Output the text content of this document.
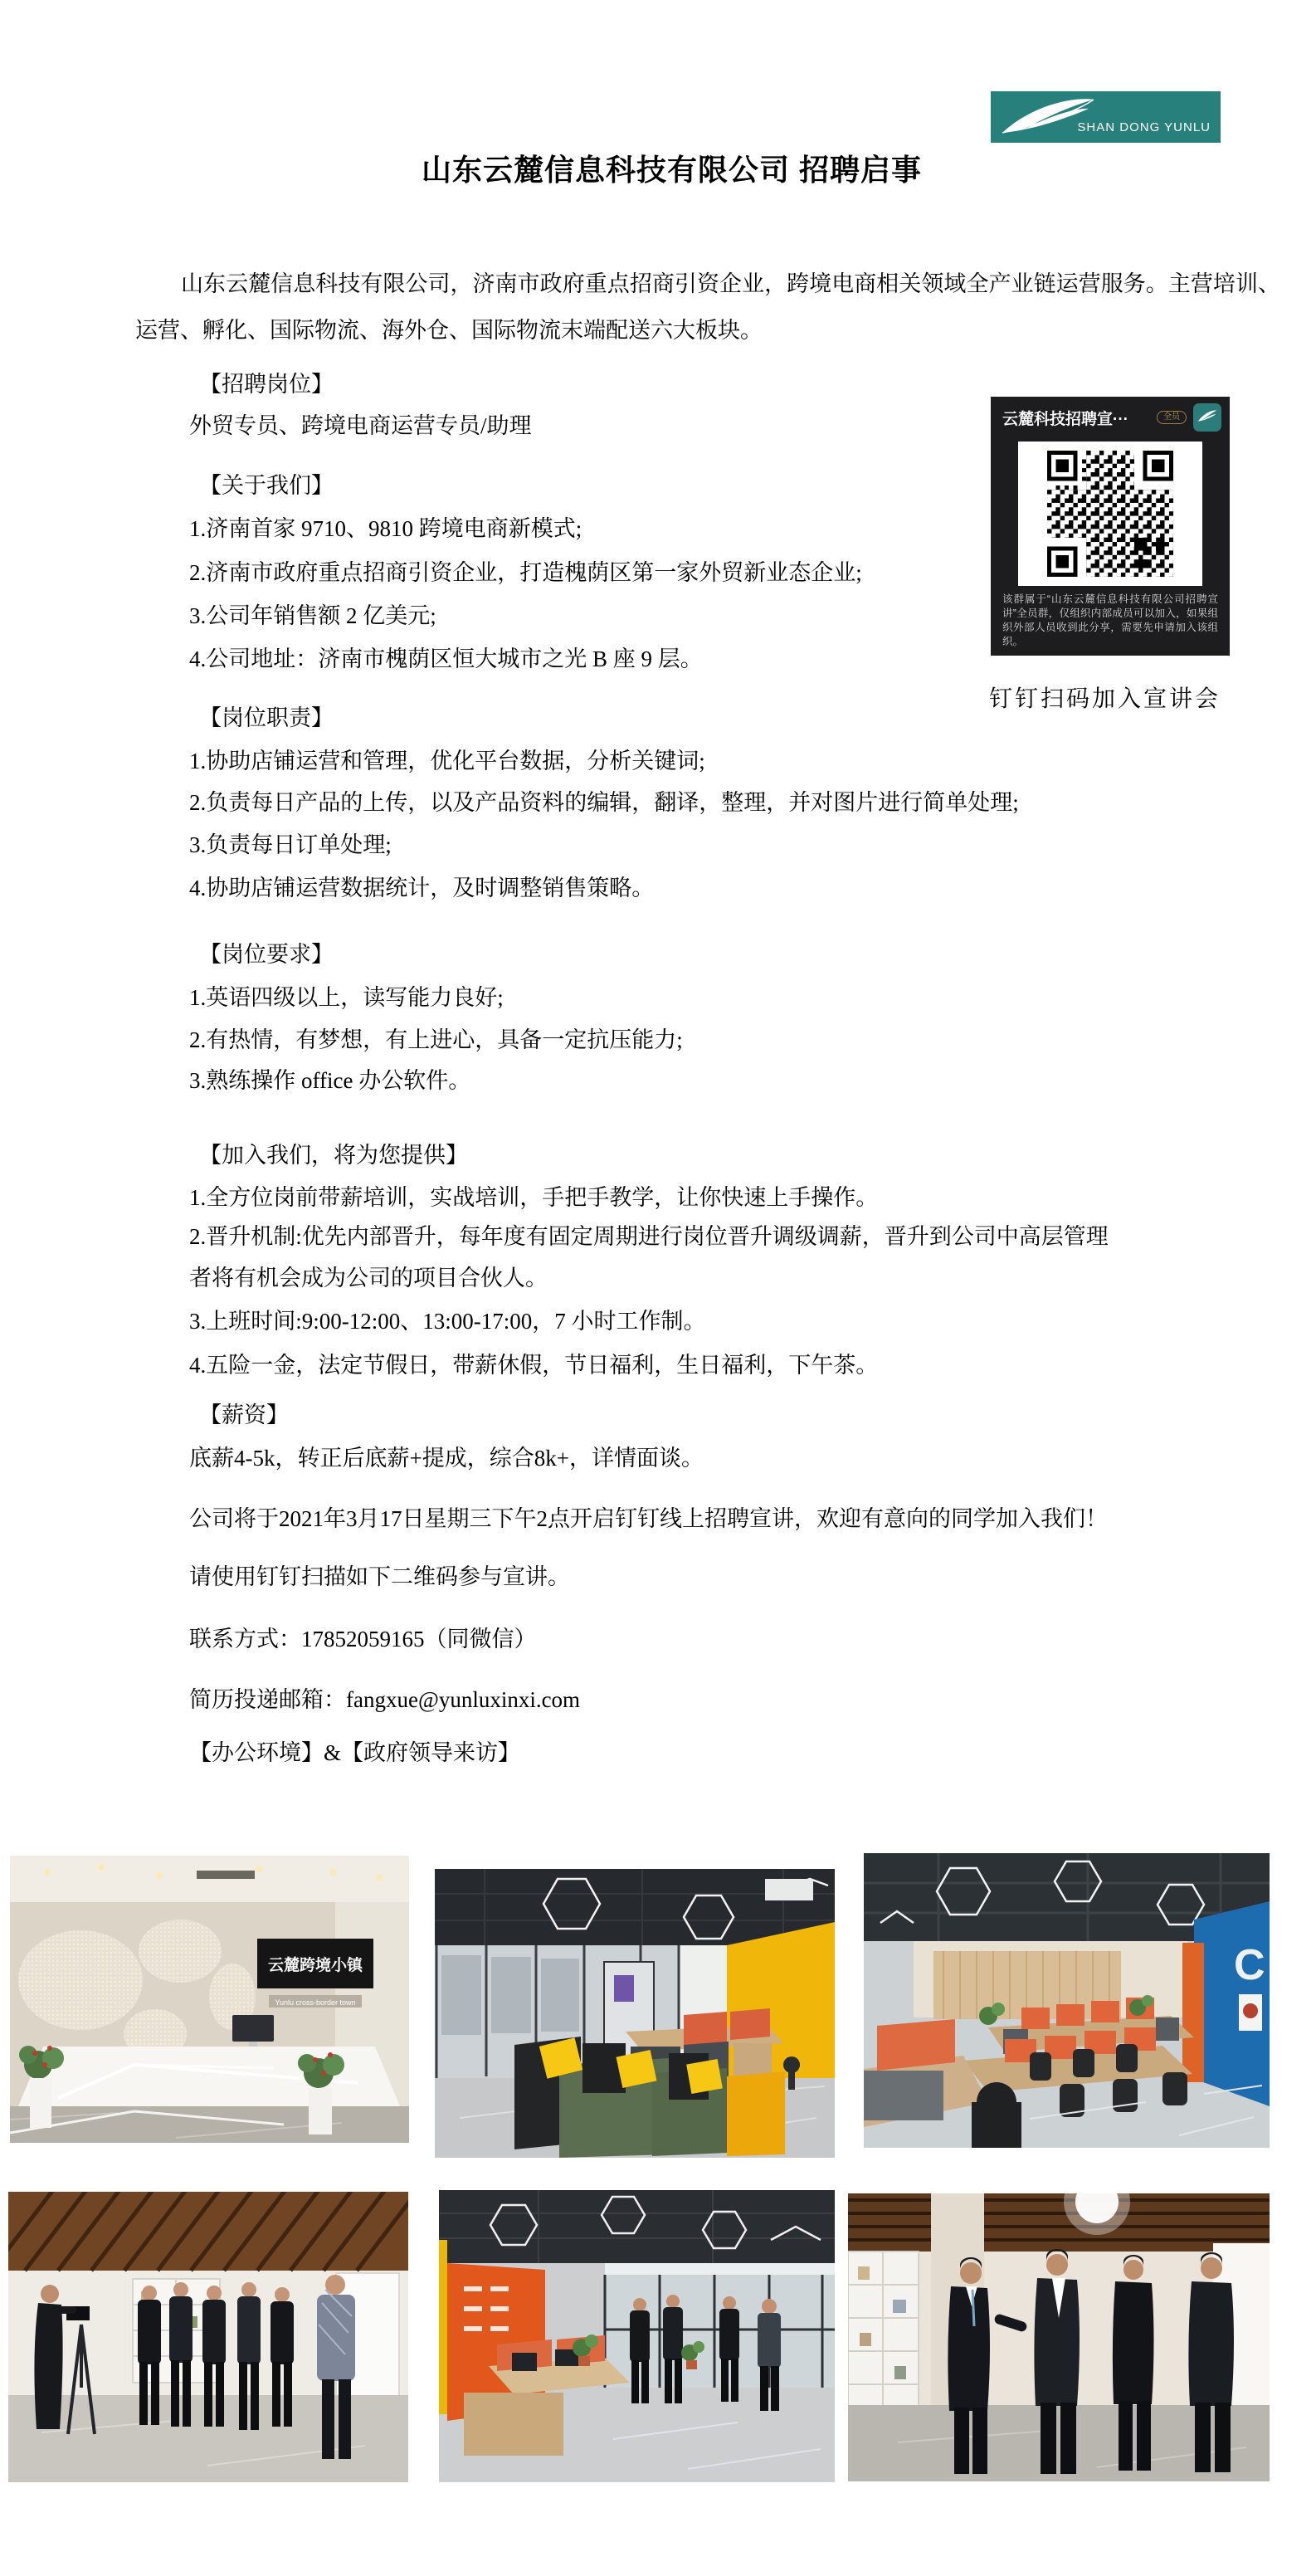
SHAN DONG YUNLU
山东云麓信息科技有限公司 招聘启事
山东云麓信息科技有限公司，济南市政府重点招商引资企业，跨境电商相关领域全产业链运营服务。主营培训、运营、孵化、国际物流、海外仓、国际物流末端配送六大板块。
【招聘岗位】
外贸专员、跨境电商运营专员/助理
【关于我们】
1.济南首家 9710、9810 跨境电商新模式;
2.济南市政府重点招商引资企业，打造槐荫区第一家外贸新业态企业;
3.公司年销售额 2 亿美元;
4.公司地址：济南市槐荫区恒大城市之光 B 座 9 层。
【岗位职责】
1.协助店铺运营和管理，优化平台数据，分析关键词;
2.负责每日产品的上传，以及产品资料的编辑，翻译，整理，并对图片进行简单处理;
3.负责每日订单处理;
4.协助店铺运营数据统计，及时调整销售策略。
【岗位要求】
1.英语四级以上，读写能力良好;
2.有热情，有梦想，有上进心，具备一定抗压能力;
3.熟练操作 office 办公软件。
【加入我们，将为您提供】
1.全方位岗前带薪培训，实战培训，手把手教学，让你快速上手操作。
2.晋升机制:优先内部晋升，每年度有固定周期进行岗位晋升调级调薪，晋升到公司中高层管理者将有机会成为公司的项目合伙人。
3.上班时间:9:00-12:00、13:00-17:00，7 小时工作制。
4.五险一金，法定节假日，带薪休假，节日福利，生日福利，下午茶。
【薪资】
底薪4-5k，转正后底薪+提成，综合8k+，详情面谈。
公司将于2021年3月17日星期三下午2点开启钉钉线上招聘宣讲，欢迎有意向的同学加入我们！
请使用钉钉扫描如下二维码参与宣讲。
联系方式：17852059165（同微信）
简历投递邮箱：fangxue@yunluxinxi.com
【办公环境】&【政府领导来访】
云麓科技招聘宣···	全员
该群属于“山东云麓信息科技有限公司招聘宣讲”全员群，仅组织内部成员可以加入，如果组织外部人员收到此分享，需要先申请加入该组织。
钉钉扫码加入宣讲会
云麓跨境小镇
Yunlu cross-border town
C
